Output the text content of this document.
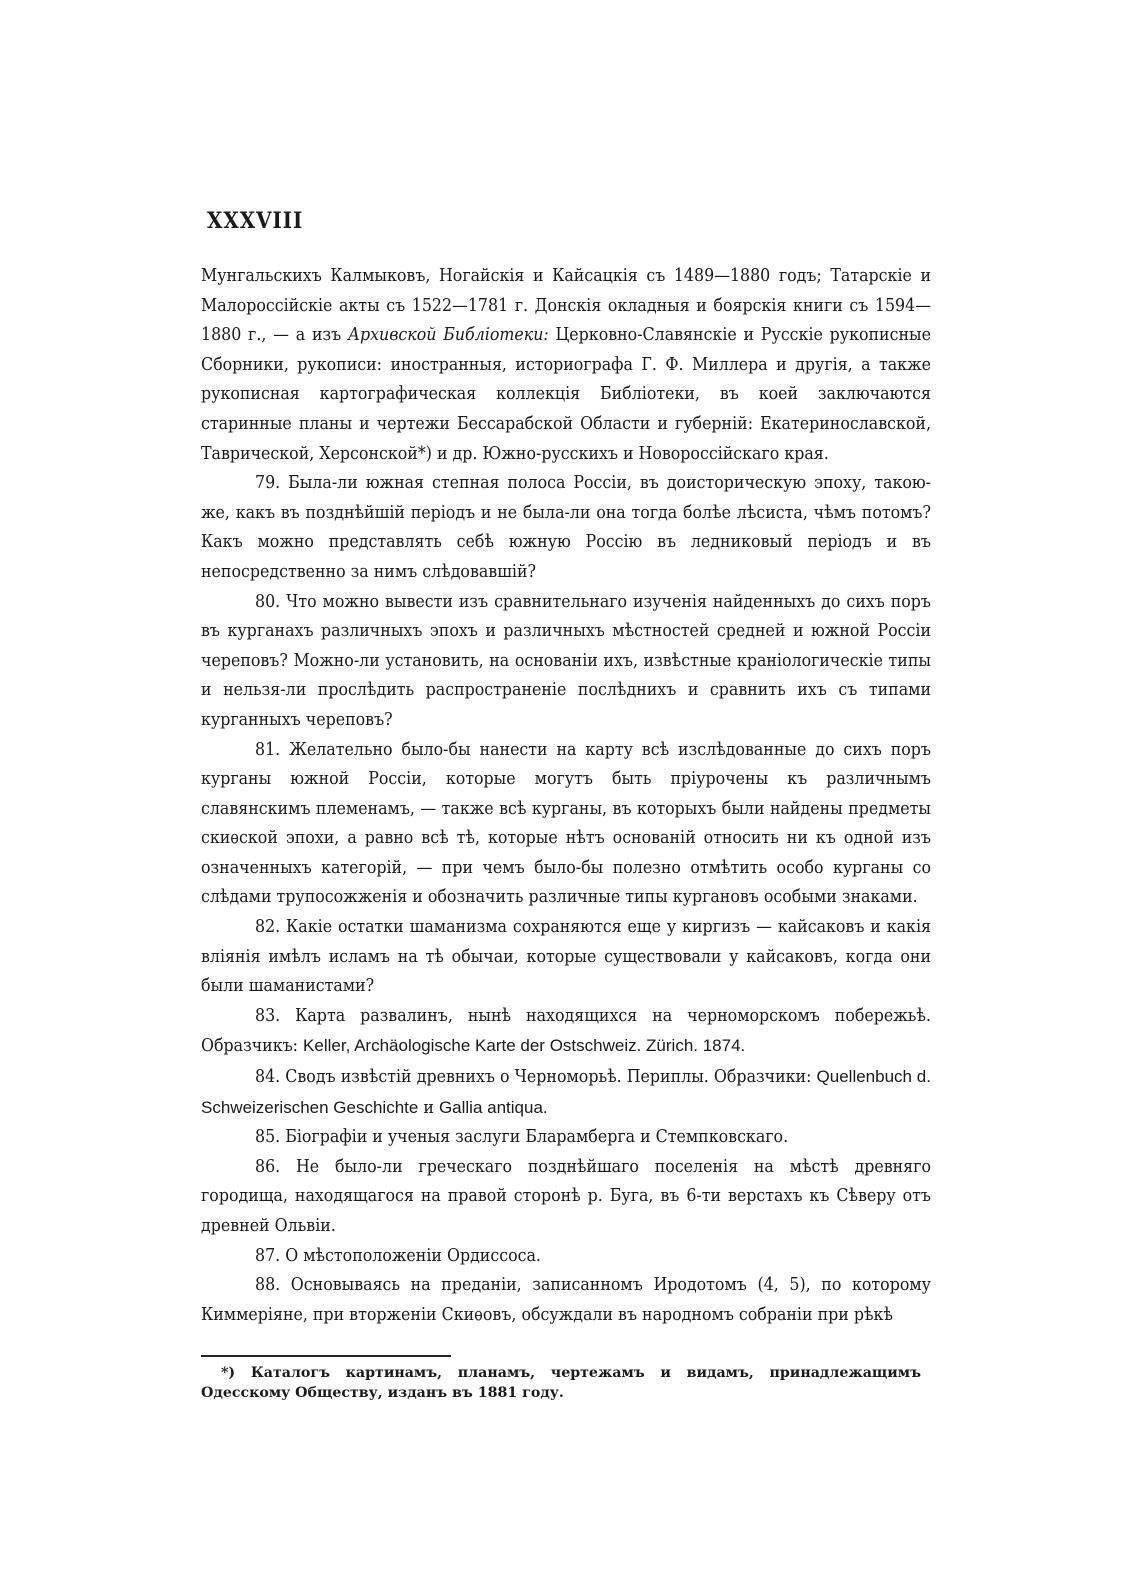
XXXVIII

Мунгальскихъ Калмыковъ, Ногайскія и Кайсацкія съ 1489—1880 годъ; Татарскіе и Малороссійскіе акты съ 1522—1781 г. Донскія окладныя и боярскія книги съ 1594—1880 г., — а изъ Архивской Библіотеки: Церковно-Славянскіе и Русскіе рукописные Сборники, рукописи: иностранныя, историографа Г. Ф. Миллера и другія, а также рукописная картографическая коллекція Библіотеки, въ коей заключаются старинные планы и чертежи Бессарабской Области и губерній: Екатеринославской, Таврической, Херсонской*) и др. Южно-русскихъ и Новороссійскаго края.

79. Была-ли южная степная полоса Россіи, въ доисторическую эпоху, такою-же, какъ въ позднѣйшій періодъ и не была-ли она тогда болѣе лѣсиста, чѣмъ потомъ? Какъ можно представлять себѣ южную Россію въ ледниковый періодъ и въ непосредственно за нимъ слѣдовавшій?

80. Что можно вывести изъ сравнительнаго изученія найденныхъ до сихъ поръ въ курганахъ различныхъ эпохъ и различныхъ мѣстностей средней и южной Россіи череповъ? Можно-ли установить, на основаніи ихъ, извѣстные краніологическіе типы и нельзя-ли прослѣдить распространеніе послѣднихъ и сравнить ихъ съ типами курганныхъ череповъ?

81. Желательно было-бы нанести на карту всѣ изслѣдованные до сихъ поръ курганы южной Россіи, которые могутъ быть пріурочены къ различнымъ славянскимъ племенамъ, — также всѣ курганы, въ которыхъ были найдены предметы скиѳской эпохи, а равно всѣ тѣ, которые нѣтъ основаній относить ни къ одной изъ означенныхъ категорій, — при чемъ было-бы полезно отмѣтить особо курганы со слѣдами трупосожженія и обозначить различные типы кургановъ особыми знаками.

82. Какіе остатки шаманизма сохраняются еще у киргизъ — кайсаковъ и какія вліянія имѣлъ исламъ на тѣ обычаи, которые существовали у кайсаковъ, когда они были шаманистами?

83. Карта развалинъ, нынѣ находящихся на черноморскомъ побережьѣ. Образчикъ: Keller, Archäologische Karte der Ostschweiz. Zürich. 1874.

84. Сводъ извѣстій древнихъ о Черноморьѣ. Периплы. Образчики: Quellenbuch d. Schweizerischen Geschichte и Gallia antiqua.

85. Біографіи и ученыя заслуги Бларамберга и Стемпковскаго.

86. Не было-ли греческаго позднѣйшаго поселенія на мѣстѣ древняго городища, находящагося на правой сторонѣ р. Буга, въ 6-ти верстахъ къ Сѣверу отъ древней Ольвіи.

87. О мѣстоположеніи Ордиссоса.

88. Основываясь на преданіи, записанномъ Иродотомъ (4, 5), по которому Киммеріяне, при вторженіи Скиѳовъ, обсуждали въ народномъ собраніи при рѣкѣ

*) Каталогъ картинамъ, планамъ, чертежамъ и видамъ, принадлежащимъ Одесскому Обществу, изданъ въ 1881 году.
